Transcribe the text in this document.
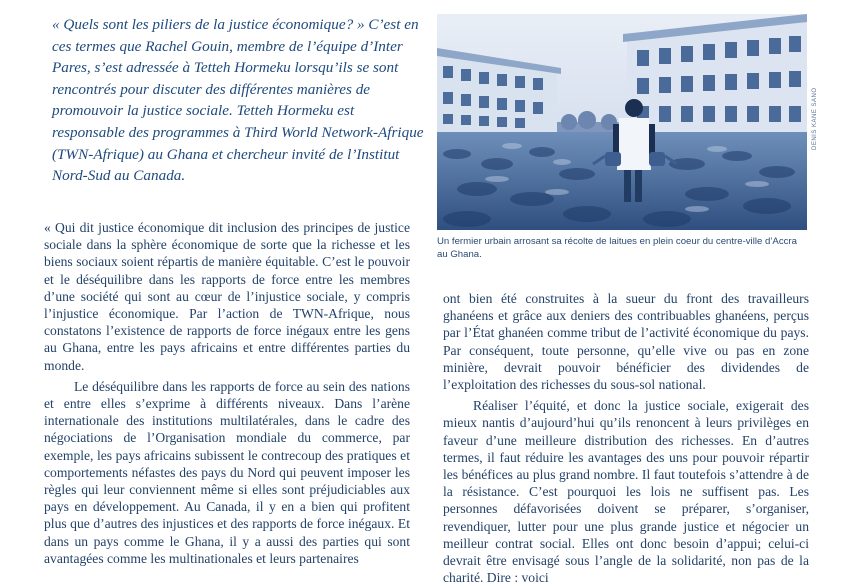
« Quels sont les piliers de la justice économique? » C’est en ces termes que Rachel Gouin, membre de l’équipe d’Inter Pares, s’est adressée à Tetteh Hormeku lorsqu’ils se sont rencontrés pour discuter des différentes manières de promouvoir la justice sociale. Tetteh Hormeku est responsable des programmes à Third World Network-Afrique (TWN-Afrique) au Ghana et chercheur invité de l’Institut Nord-Sud au Canada.

DENIS KANE SANO
Un fermier urbain arrosant sa récolte de laitues en plein coeur du centre-ville d’Accra au Ghana.

« Qui dit justice économique dit inclusion des principes de justice sociale dans la sphère économique de sorte que la richesse et les biens sociaux soient répartis de manière équitable. C’est le pouvoir et le déséquilibre dans les rapports de force entre les membres d’une société qui sont au cœur de l’injustice sociale, y compris l’injustice économique. Par l’action de TWN-Afrique, nous constatons l’existence de rapports de force inégaux entre les gens au Ghana, entre les pays africains et entre différentes parties du monde.

Le déséquilibre dans les rapports de force au sein des nations et entre elles s’exprime à différents niveaux. Dans l’arène internationale des institutions multilatérales, dans le cadre des négociations de l’Organisation mondiale du commerce, par exemple, les pays africains subissent le contrecoup des pratiques et comportements néfastes des pays du Nord qui peuvent imposer les règles qui leur conviennent même si elles sont préjudiciables aux pays en développement. Au Canada, il y en a bien qui profitent plus que d’autres des injustices et des rapports de force inégaux. Et dans un pays comme le Ghana, il y a aussi des parties qui sont avantagées comme les multinationales et leurs partenaires

ont bien été construites à la sueur du front des travailleurs ghanéens et grâce aux deniers des contribuables ghanéens, perçus par l’État ghanéen comme tribut de l’activité économique du pays. Par conséquent, toute personne, qu’elle vive ou pas en zone minière, devrait pouvoir bénéficier des dividendes de l’exploitation des richesses du sous-sol national.

Réaliser l’équité, et donc la justice sociale, exigerait des mieux nantis d’aujourd’hui qu’ils renoncent à leurs privilèges en faveur d’une meilleure distribution des richesses. En d’autres termes, il faut réduire les avantages des uns pour pouvoir répartir les bénéfices au plus grand nombre. Il faut toutefois s’attendre à de la résistance. C’est pourquoi les lois ne suffisent pas. Les personnes défavorisées doivent se préparer, s’organiser, revendiquer, lutter pour une plus grande justice et négocier un meilleur contrat social. Elles ont donc besoin d’appui; celui-ci devrait être envisagé sous l’angle de la solidarité, non pas de la charité. Dire : voici
